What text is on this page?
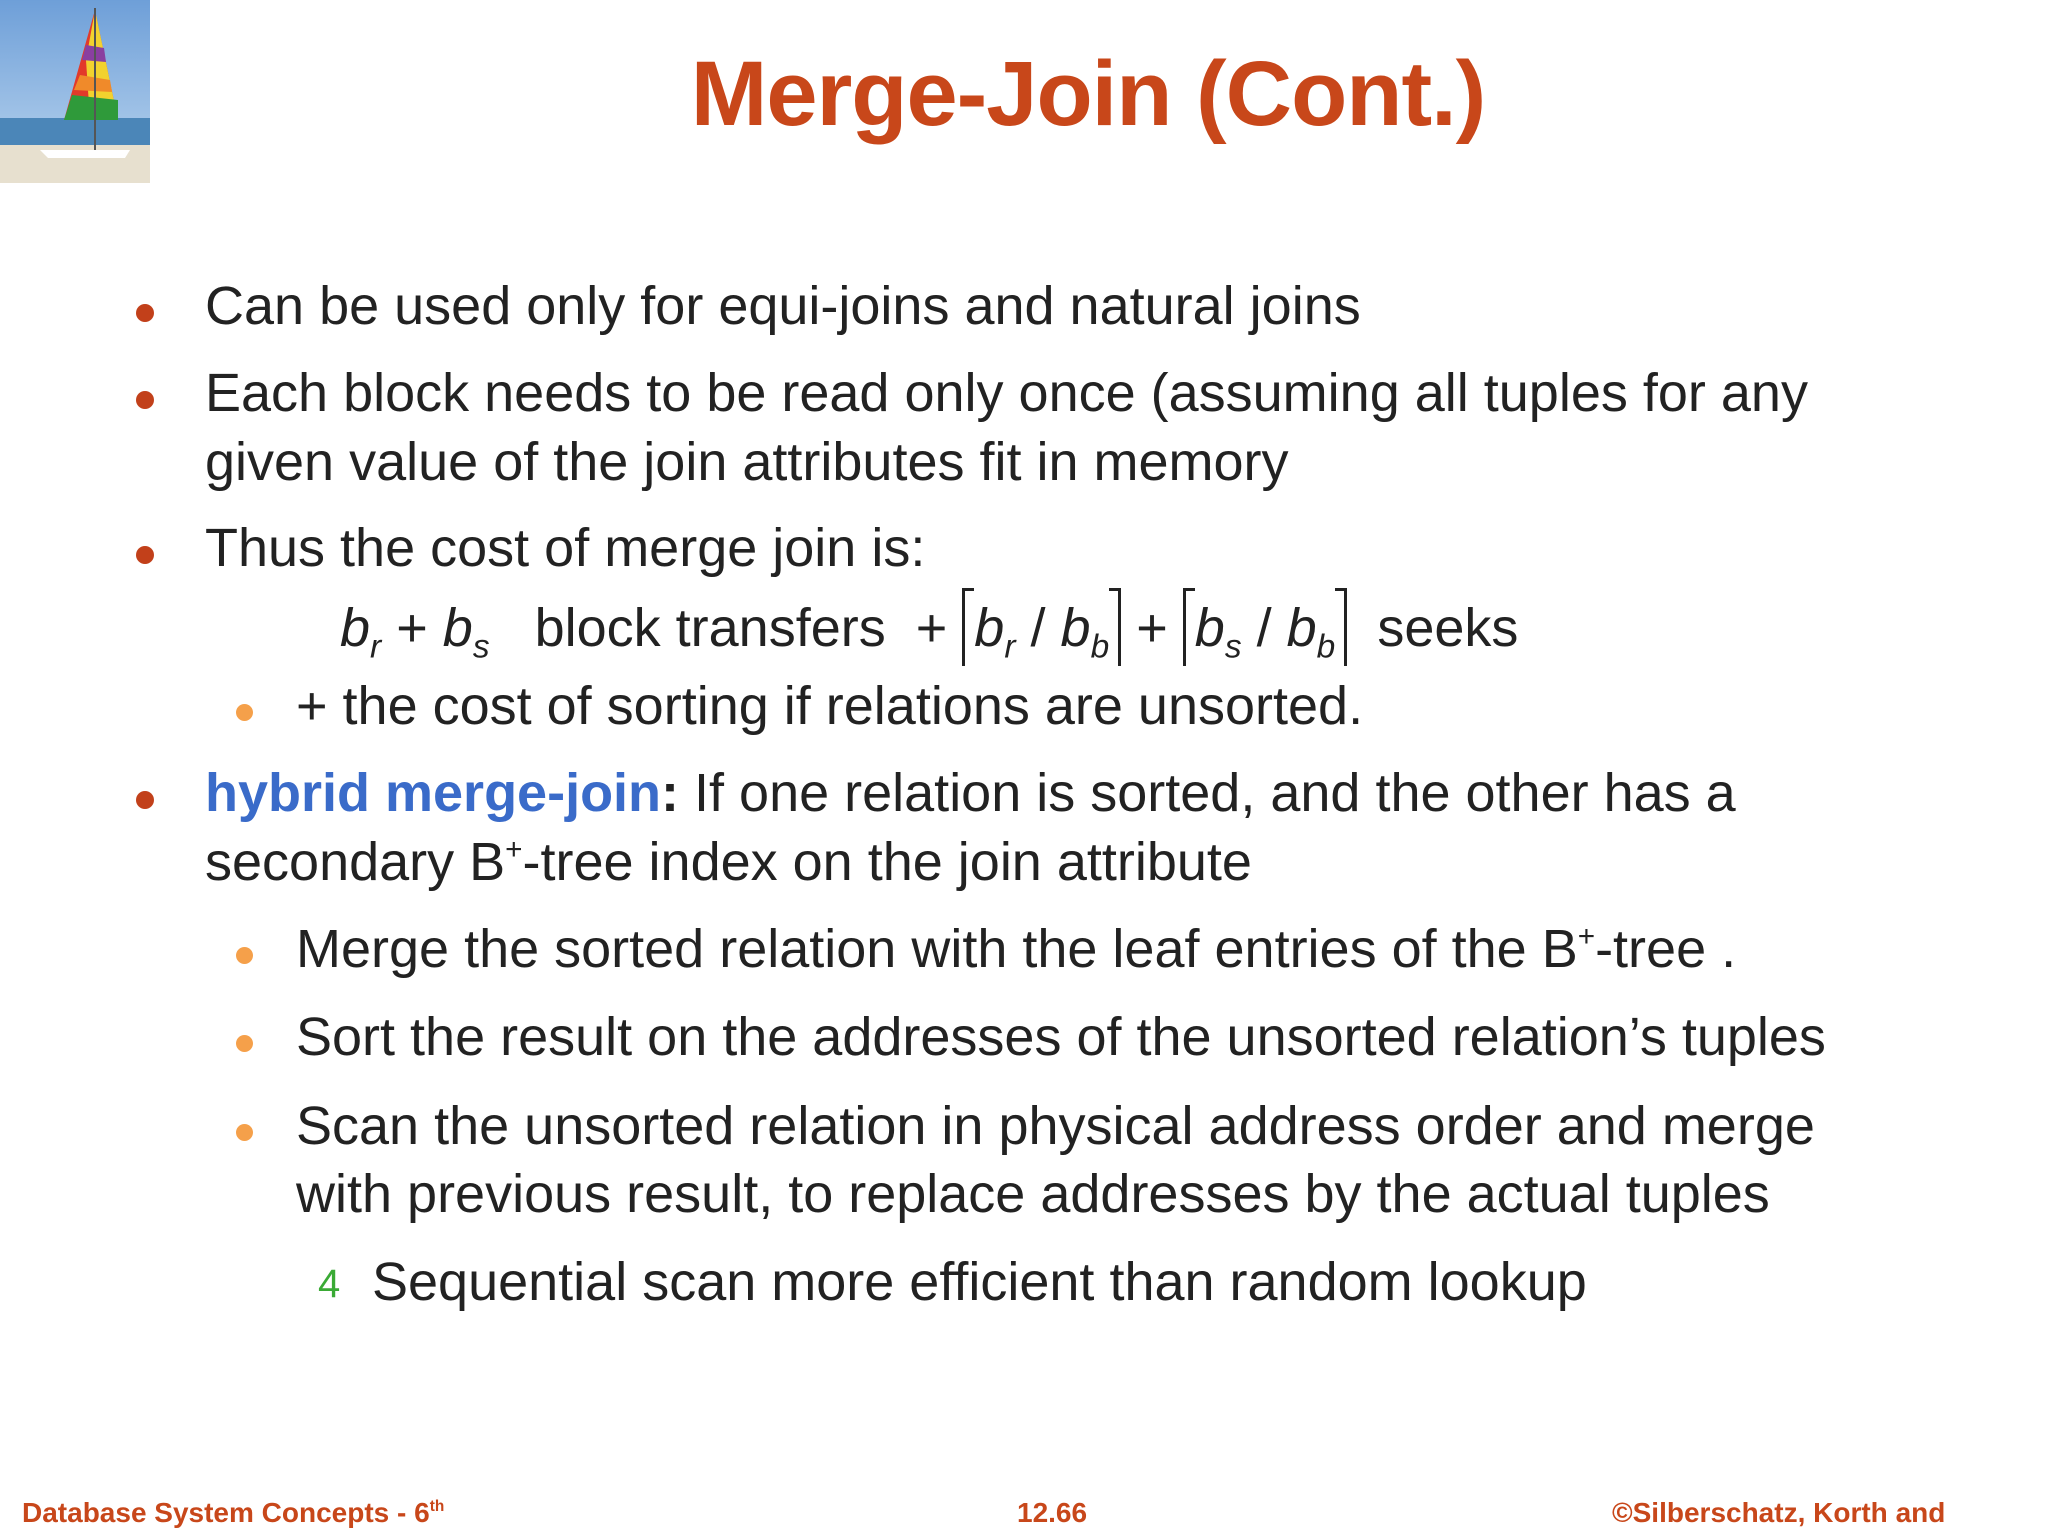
Merge-Join (Cont.)
Can be used only for equi-joins and natural joins
Each block needs to be read only once (assuming all tuples for any
given value of the join attributes fit in memory
Thus the cost of merge join is:
$b_r + b_s$ block transfers + $b_r / b_b + b_s / b_b$ seeks
+ the cost of sorting if relations are unsorted.
hybrid merge-join: If one relation is sorted, and the other has a
secondary B+-tree index on the join attribute
Merge the sorted relation with the leaf entries of the B+-tree .
Sort the result on the addresses of the unsorted relation’s tuples
Scan the unsorted relation in physical address order and merge
with previous result, to replace addresses by the actual tuples
4 Sequential scan more efficient than random lookup
Database System Concepts - 6th	12.66	©Silberschatz, Korth and
